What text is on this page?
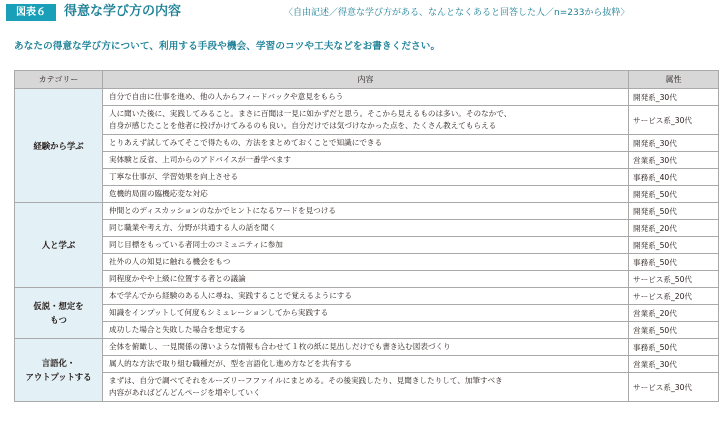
図表６	得意な学び方の内容	〈自由記述／得意な学び方がある、なんとなくあると回答した人／n=233から抜粋〉
あなたの得意な学び方について、利用する手段や機会、学習のコツや工夫などをお書きください。
カテゴリー	内容	属性

経験から学ぶ	自分で自由に仕事を進め、他の人からフィードバックや意見をもらう	開発系_30代

	人に聞いた後に、実践してみること。まさに百聞は一見に如かずだと思う。そこから見えるものは多い。そのなかで、
自身が感じたことを他者に投げかけてみるのも良い。自分だけでは気づけなかった点を、たくさん教えてもらえる	サービス系_30代

	とりあえず試してみてそこで得たもの、方法をまとめておくことで知識にできる	開発系_30代

	実体験と反省、上司からのアドバイスが一番学べます	営業系_30代

	丁寧な仕事が、学習効果を向上させる	事務系_40代

	危機的局面の臨機応変な対応	開発系_50代

人と学ぶ	仲間とのディスカッションのなかでヒントになるワードを見つける	開発系_50代

	同じ職業や考え方、分野が共通する人の話を聞く	開発系_20代

	同じ目標をもっている者同士のコミュニティに参加	開発系_50代

	社外の人の知見に触れる機会をもつ	事務系_50代

	同程度かやや上級に位置する者との議論	サービス系_50代

仮説・想定を
もつ	本で学んでから経験のある人に尋ね、実践することで覚えるようにする	サービス系_20代

	知識をインプットして何度もシミュレーションしてから実践する	営業系_20代

	成功した場合と失敗した場合を想定する	営業系_50代

言語化・
アウトプットする	全体を俯瞰し、一見関係の薄いような情報も合わせて１枚の紙に見出しだけでも書き込む図表づくり	事務系_50代

	属人的な方法で取り組む職種だが、型を言語化し進め方などを共有する	営業系_30代

	まずは、自分で調べてそれをルーズリーフファイルにまとめる。その後実践したり、見聞きしたりして、加筆すべき
内容があればどんどんページを増やしていく	サービス系_30代
